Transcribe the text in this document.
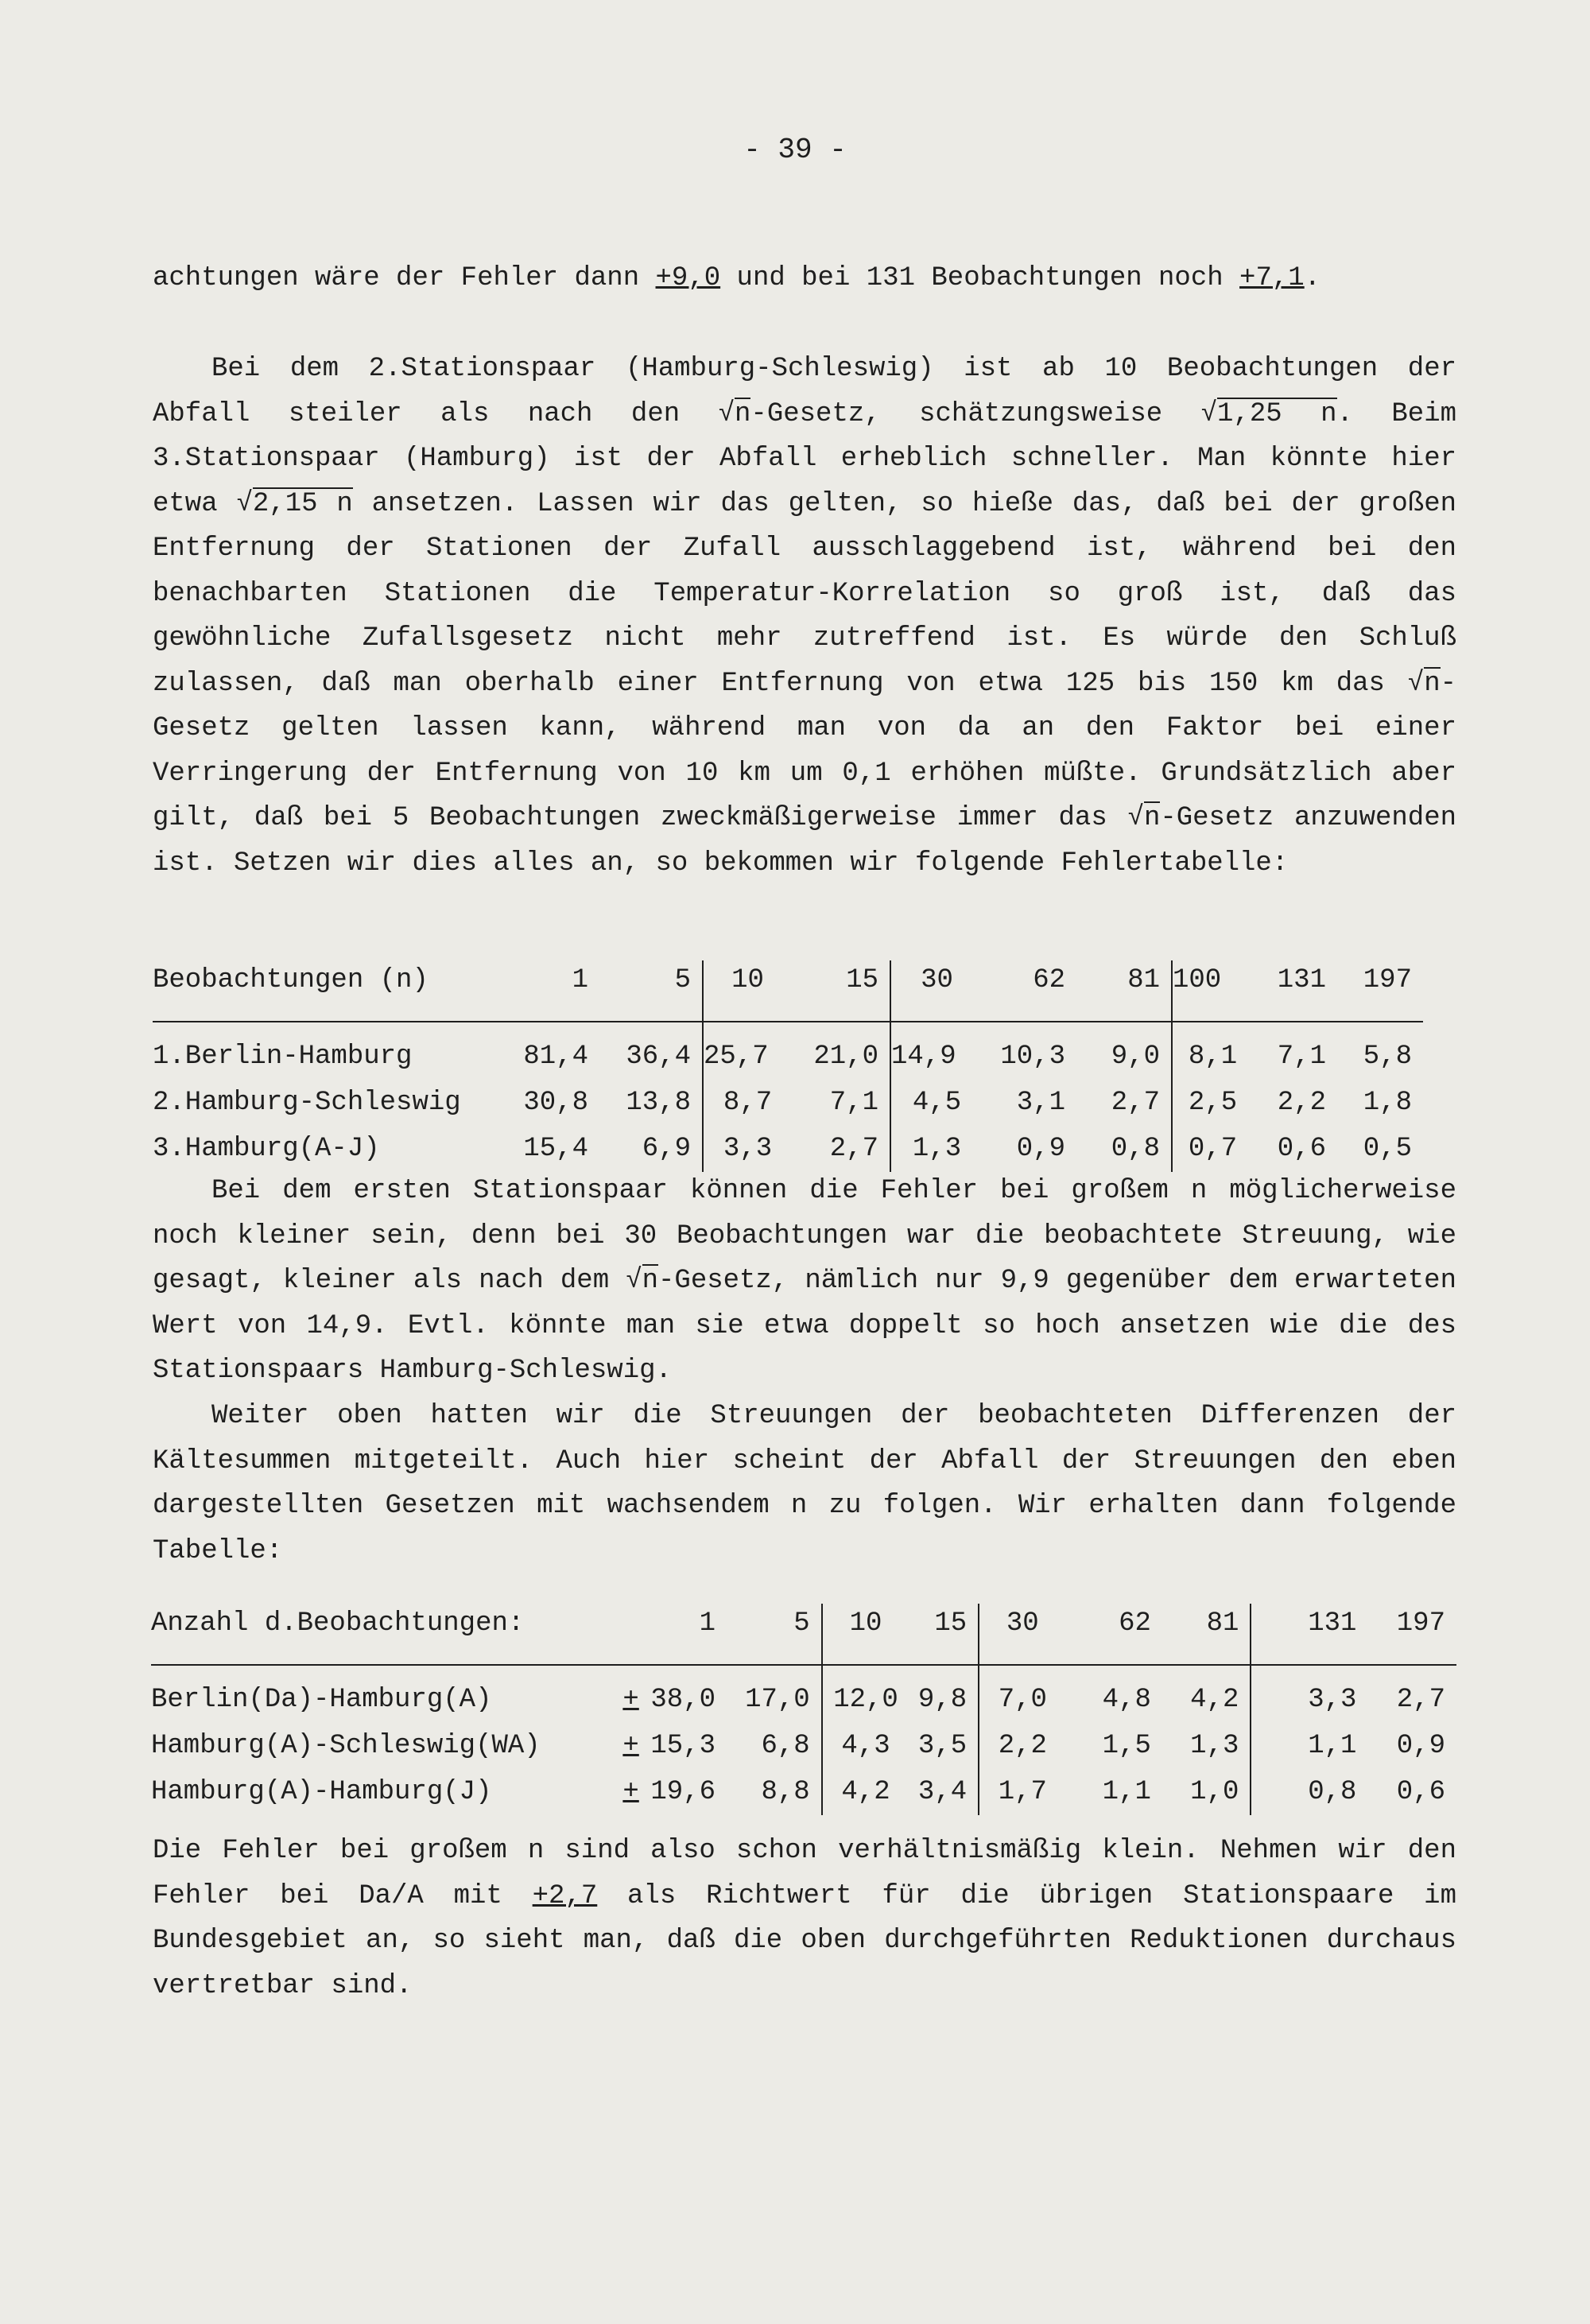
- 39 -
achtungen wäre der Fehler dann +9,0 und bei 131 Beobachtungen noch +7,1.
Bei dem 2.Stationspaar (Hamburg-Schleswig) ist ab 10 Beobachtungen der Abfall steiler als nach den √n-Gesetz, schätzungsweise √1,25 n. Beim 3.Stationspaar (Hamburg) ist der Abfall erheblich schneller. Man könnte hier etwa √2,15 n ansetzen. Lassen wir das gelten, so hieße das, daß bei der großen Entfernung der Stationen der Zufall ausschlaggebend ist, während bei den benachbarten Stationen die Temperatur-Korrelation so groß ist, daß das gewöhnliche Zufallsgesetz nicht mehr zutreffend ist. Es würde den Schluß zulassen, daß man oberhalb einer Entfernung von etwa 125 bis 150 km das √n-Gesetz gelten lassen kann, während man von da an den Faktor bei einer Verringerung der Entfernung von 10 km um 0,1 erhöhen müßte. Grundsätzlich aber gilt, daß bei 5 Beobachtungen zweckmäßigerweise immer das √n-Gesetz anzuwenden ist. Setzen wir dies alles an, so bekommen wir folgende Fehlertabelle:
Beobachtungen (n)	1	5	10	15	30	62	81	100	131	197
1.Berlin-Hamburg	81,4	36,4	25,7	21,0	14,9	10,3	9,0	8,1	7,1	5,8
2.Hamburg-Schleswig	30,8	13,8	8,7	7,1	4,5	3,1	2,7	2,5	2,2	1,8
3.Hamburg(A-J)	15,4	6,9	3,3	2,7	1,3	0,9	0,8	0,7	0,6	0,5
Bei dem ersten Stationspaar können die Fehler bei großem n möglicherweise noch kleiner sein, denn bei 30 Beobachtungen war die beobachtete Streuung, wie gesagt, kleiner als nach dem √n-Gesetz, nämlich nur 9,9 gegenüber dem erwarteten Wert von 14,9. Evtl. könnte man sie etwa doppelt so hoch ansetzen wie die des Stationspaars Hamburg-Schleswig.
Weiter oben hatten wir die Streuungen der beobachteten Differenzen der Kältesummen mitgeteilt. Auch hier scheint der Abfall der Streuungen den eben dargestellten Gesetzen mit wachsendem n zu folgen. Wir erhalten dann folgende Tabelle:
Anzahl d.Beobachtungen:		1	5	10	15	30	62	81	131	197
Berlin(Da)-Hamburg(A)	+	38,0	17,0	12,0	9,8	7,0	4,8	4,2	3,3	2,7
Hamburg(A)-Schleswig(WA)	+	15,3	6,8	4,3	3,5	2,2	1,5	1,3	1,1	0,9
Hamburg(A)-Hamburg(J)	+	19,6	8,8	4,2	3,4	1,7	1,1	1,0	0,8	0,6
Die Fehler bei großem n sind also schon verhältnismäßig klein. Nehmen wir den Fehler bei Da/A mit +2,7 als Richtwert für die übrigen Stationspaare im Bundesgebiet an, so sieht man, daß die oben durchgeführten Reduktionen durchaus vertretbar sind.
